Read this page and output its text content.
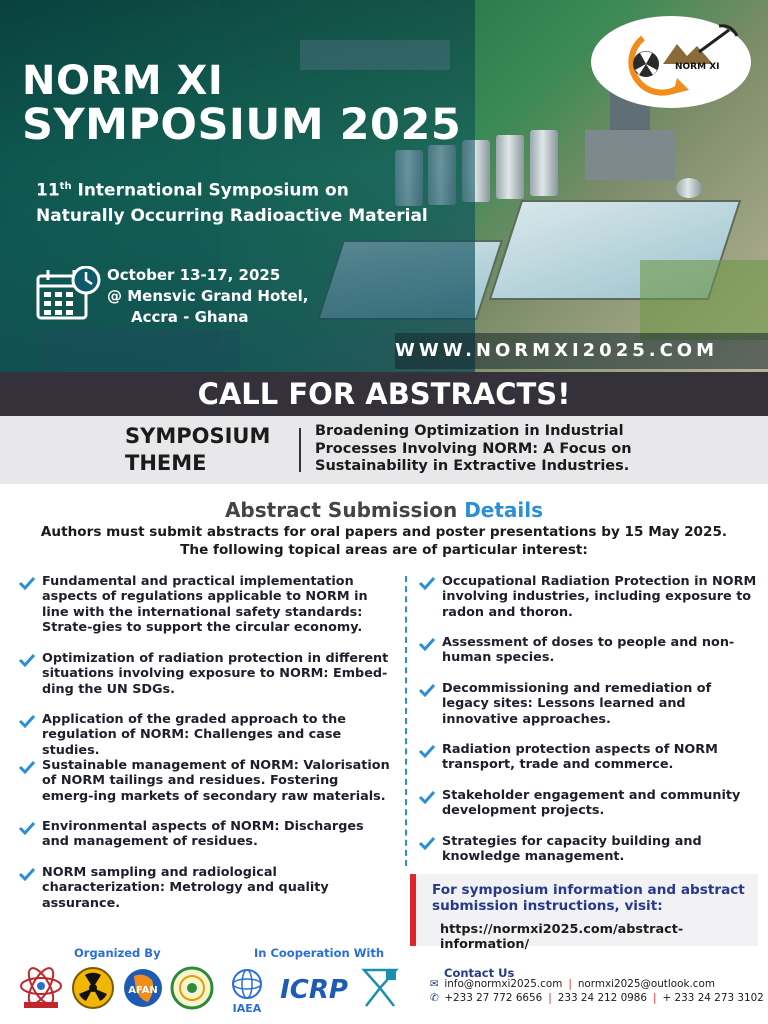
NORM XI
SYMPOSIUM 2025
11th International Symposium on
Naturally Occurring Radioactive Material
October 13-17, 2025
@ Mensvic Grand Hotel,
Accra - Ghana
WWW.NORMXI2025.COM
NORM XI
CALL FOR ABSTRACTS!
SYMPOSIUM
THEME
Broadening Optimization in Industrial Processes Involving NORM: A Focus on Sustainability in Extractive Industries.
Abstract Submission Details
Authors must submit abstracts for oral papers and poster presentations by 15 May 2025. The following topical areas are of particular interest:
Fundamental and practical implementation aspects of regulations applicable to NORM in line with the international safety standards: Strate-gies to support the circular economy.
Optimization of radiation protection in different situations involving exposure to NORM: Embed-ding the UN SDGs.
Application of the graded approach to the regulation of NORM: Challenges and case studies.
Sustainable management of NORM: Valorisation of NORM tailings and residues. Fostering emerg-ing markets of secondary raw materials.
Environmental aspects of NORM: Discharges and management of residues.
NORM sampling and radiological characterization: Metrology and quality assurance.
Occupational Radiation Protection in NORM involving industries, including exposure to radon and thoron.
Assessment of doses to people and non-human species.
Decommissioning and remediation of legacy sites: Lessons learned and innovative approaches.
Radiation protection aspects of NORM transport, trade and commerce.
Stakeholder engagement and community development projects.
Strategies for capacity building and knowledge management.
For symposium information and abstract submission instructions, visit:
https://normxi2025.com/abstract-information/
Organized By	In Cooperation With
AFAN
IAEA
ICRP
Contact Us
✉ info@normxi2025.com | normxi2025@outlook.com
✆ +233 27 772 6656 | 233 24 212 0986 | + 233 24 273 3102
